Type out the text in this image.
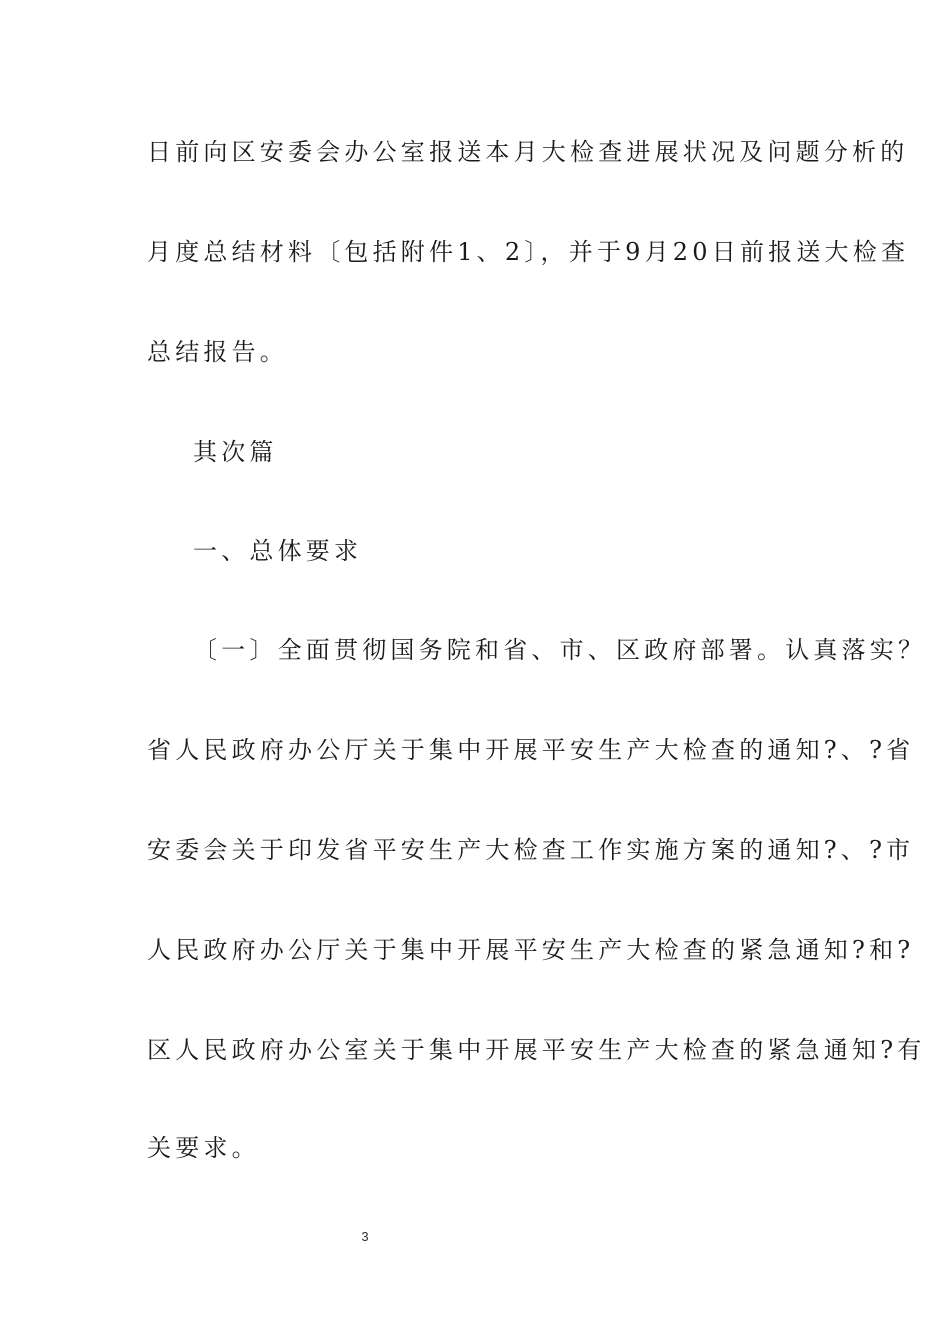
日前向区安委会办公室报送本月大检查进展状况及问题分析的
月度总结材料〔包括附件1、2〕，并于9月20日前报送大检查
总结报告。
其次篇
一、总体要求
〔一〕全面贯彻国务院和省、市、区政府部署。认真落实？
省人民政府办公厅关于集中开展平安生产大检查的通知?、?省
安委会关于印发省平安生产大检查工作实施方案的通知?、?市
人民政府办公厅关于集中开展平安生产大检查的紧急通知?和?
区人民政府办公室关于集中开展平安生产大检查的紧急通知?有
关要求。
3
